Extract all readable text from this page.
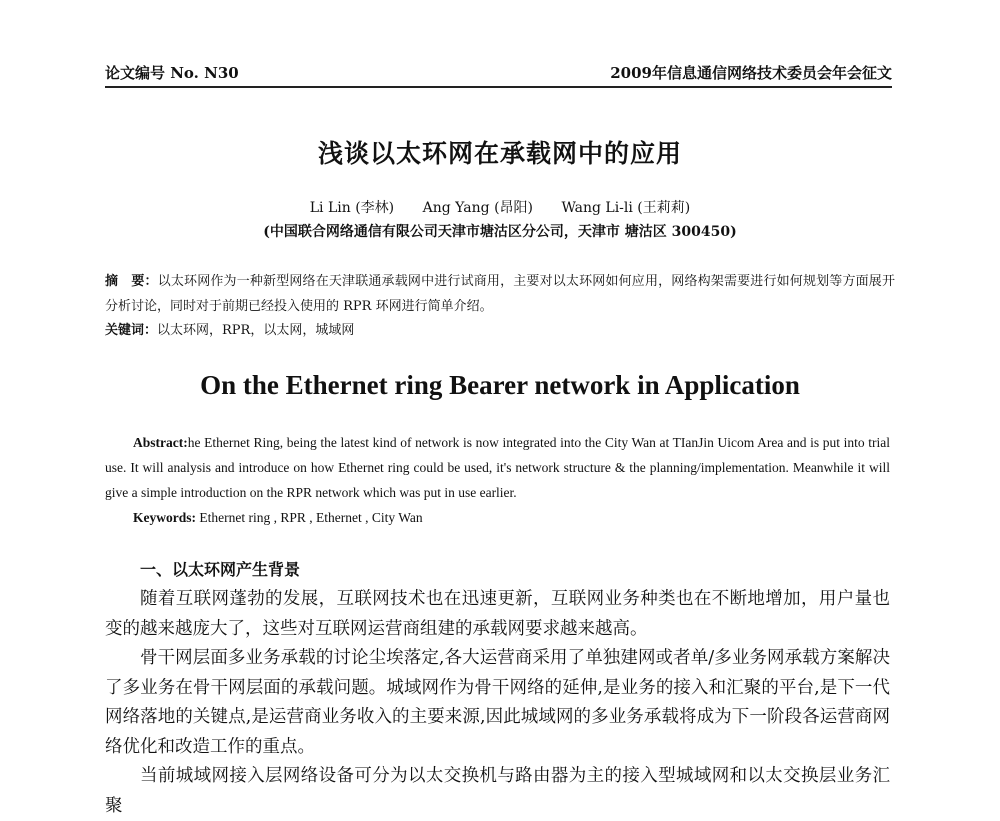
论文编号 No. N30	2009年信息通信网络技术委员会年会征文
浅谈以太环网在承载网中的应用
Li Lin (李林) Ang Yang (昂阳) Wang Li-li (王莉莉)
(中国联合网络通信有限公司天津市塘沽区分公司，天津市 塘沽区 300450)
摘　要：以太环网作为一种新型网络在天津联通承载网中进行试商用，主要对以太环网如何应用，网络构架需要进行如何规划等方面展开分析讨论，同时对于前期已经投入使用的 RPR 环网进行简单介绍。
关键词：以太环网，RPR，以太网，城域网
On the Ethernet ring Bearer network in Application
Abstract:he Ethernet Ring, being the latest kind of network is now integrated into the City Wan at TIanJin Uicom Area and is put into trial use. It will analysis and introduce on how Ethernet ring could be used, it's network structure & the planning/implementation. Meanwhile it will give a simple introduction on the RPR network which was put in use earlier.
Keywords: Ethernet ring , RPR , Ethernet , City Wan
一、以太环网产生背景

随着互联网蓬勃的发展，互联网技术也在迅速更新，互联网业务种类也在不断地增加，用户量也变的越来越庞大了，这些对互联网运营商组建的承载网要求越来越高。

骨干网层面多业务承载的讨论尘埃落定,各大运营商采用了单独建网或者单/多业务网承载方案解决了多业务在骨干网层面的承载问题。城域网作为骨干网络的延伸,是业务的接入和汇聚的平台,是下一代网络落地的关键点,是运营商业务收入的主要来源,因此城域网的多业务承载将成为下一阶段各运营商网络优化和改造工作的重点。

当前城域网接入层网络设备可分为以太交换机与路由器为主的接入型城域网和以太交换层业务汇聚
